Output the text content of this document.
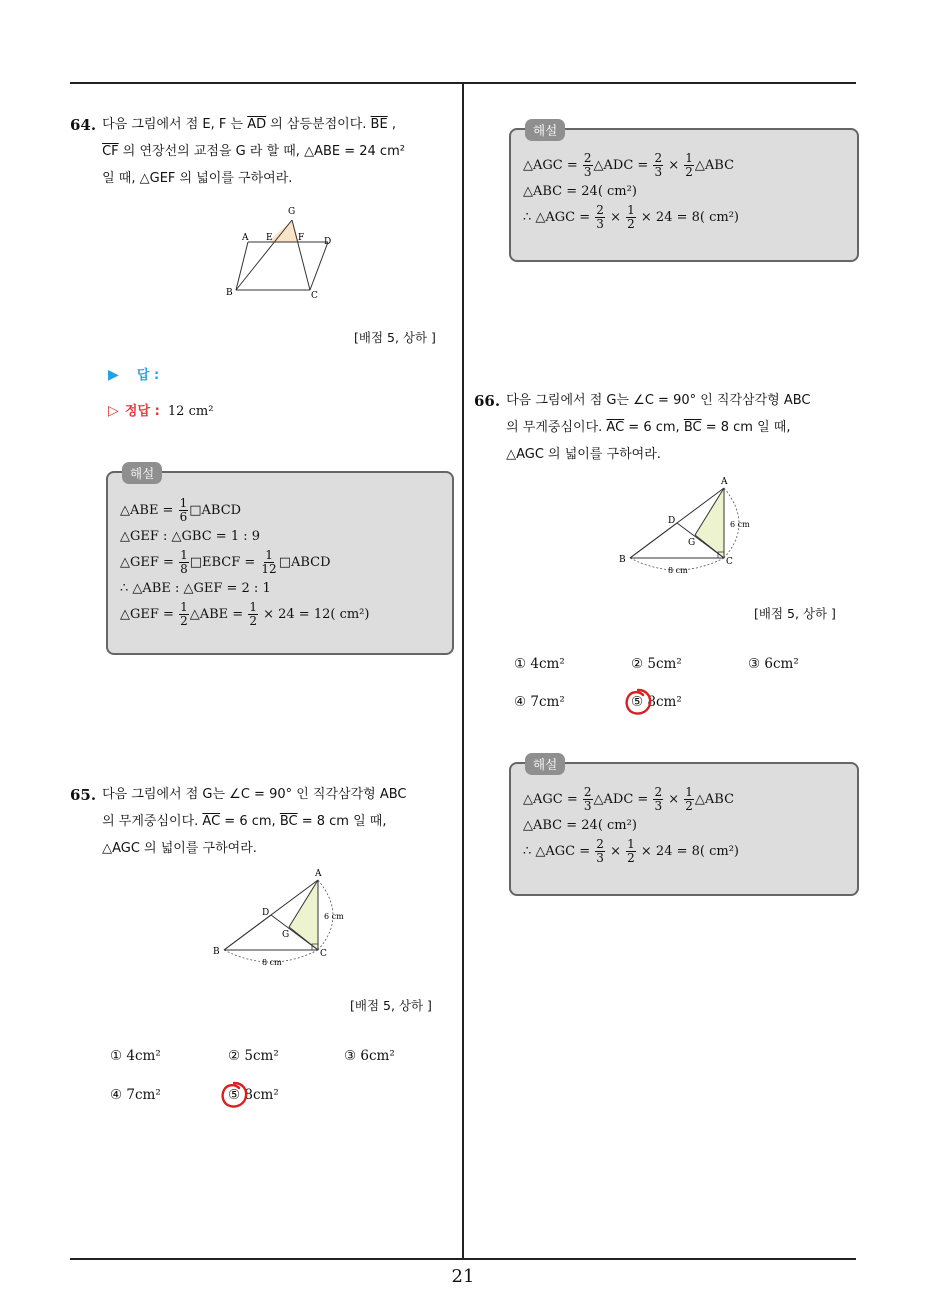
21
64. 다음 그림에서 점 E, F 는 $\overline{AD}$ 의 삼등분점이다. $\overline{BE}$ ,
$\overline{CF}$ 의 연장선의 교점을 G 라 할 때, △ABE = 24 cm²
일 때, △GEF 의 넓이를 구하여라.
G
A E	F D
B	C
[배점 5, 상하 ]
▶ 답 :
▷ 정답 : 12 cm²
해설
△ABE = $\frac{1}{6}$ □ABCD
△GEF : △GBC = 1 : 9
△GEF = $\frac{1}{8}$ □EBCF = $\frac{1}{12}$ □ABCD
∴ △ABE : △GEF = 2 : 1
△GEF = $\frac{1}{2}$ △ABE = $\frac{1}{2} \times 24 = 12$( cm²)
65. 다음 그림에서 점 G는 ∠C = 90° 인 직각삼각형 ABC
의 무게중심이다. $\overline{AC} = 6$ cm, $\overline{BC} = 8$ cm 일 때,
△AGC 의 넓이를 구하여라.
A
D
G
B	C
6 cm
8 cm
[배점 5, 상하 ]
① 4cm²	② 5cm²	③ 6cm²
④ 7cm²	⑤ 8cm²
해설
△AGC = $\frac{2}{3}$ △ADC = $\frac{2}{3} \times \frac{1}{2}$ △ABC
△ABC = 24( cm²)
∴ △AGC = $\frac{2}{3} \times \frac{1}{2} \times 24 = 8$( cm²)
66. 다음 그림에서 점 G는 ∠C = 90° 인 직각삼각형 ABC
의 무게중심이다. $\overline{AC} = 6$ cm, $\overline{BC} = 8$ cm 일 때,
△AGC 의 넓이를 구하여라.
A
D
G
B	C
6 cm
8 cm
[배점 5, 상하 ]
① 4cm²	② 5cm²	③ 6cm²
④ 7cm²	⑤ 8cm²
해설
△AGC = $\frac{2}{3}$ △ADC = $\frac{2}{3} \times \frac{1}{2}$ △ABC
△ABC = 24( cm²)
∴ △AGC = $\frac{2}{3} \times \frac{1}{2} \times 24 = 8$( cm²)
